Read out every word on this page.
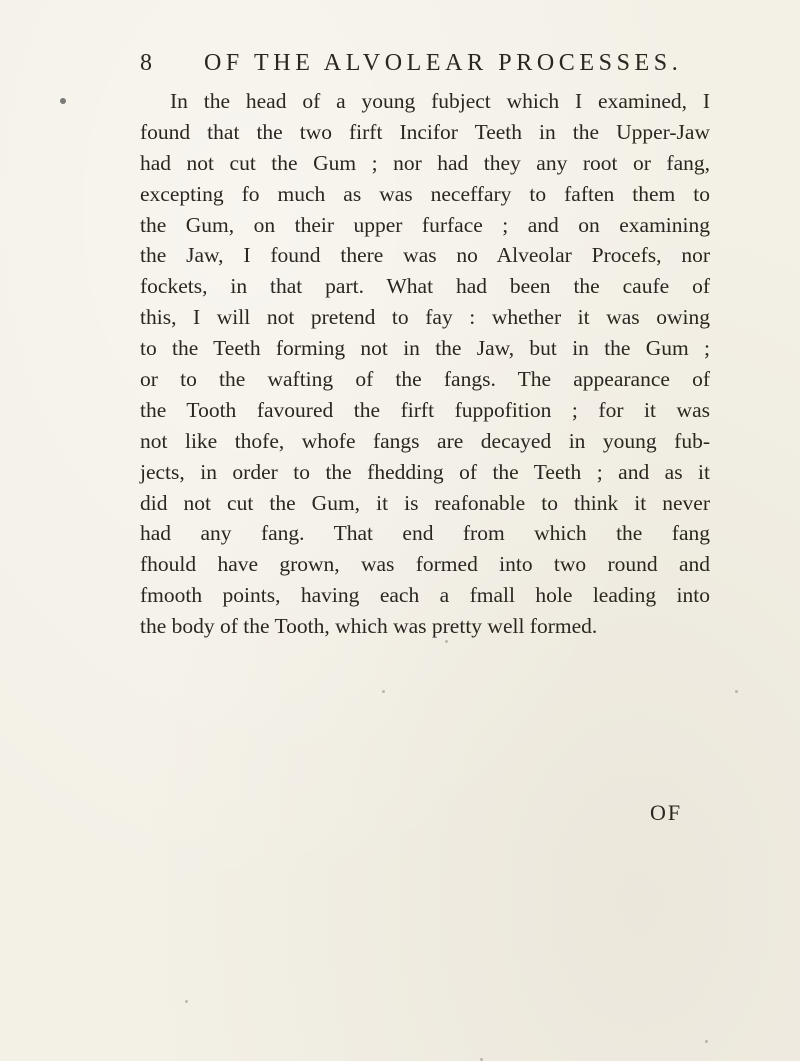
8 OF THE ALVOLEAR PROCESSES.
In the head of a young fubject which I examined, I
found that the two firft Incifor Teeth in the Upper-Jaw
had not cut the Gum ; nor had they any root or fang,
excepting fo much as was neceffary to faften them to
the Gum, on their upper furface ; and on examining
the Jaw, I found there was no Alveolar Procefs, nor
fockets, in that part. What had been the caufe of
this, I will not pretend to fay : whether it was owing
to the Teeth forming not in the Jaw, but in the Gum ;
or to the wafting of the fangs. The appearance of
the Tooth favoured the firft fuppofition ; for it was
not like thofe, whofe fangs are decayed in young fub-
jects, in order to the fhedding of the Teeth ; and as it
did not cut the Gum, it is reafonable to think it never
had any fang. That end from which the fang
fhould have grown, was formed into two round and
fmooth points, having each a fmall hole leading into
the body of the Tooth, which was pretty well formed.
OF
